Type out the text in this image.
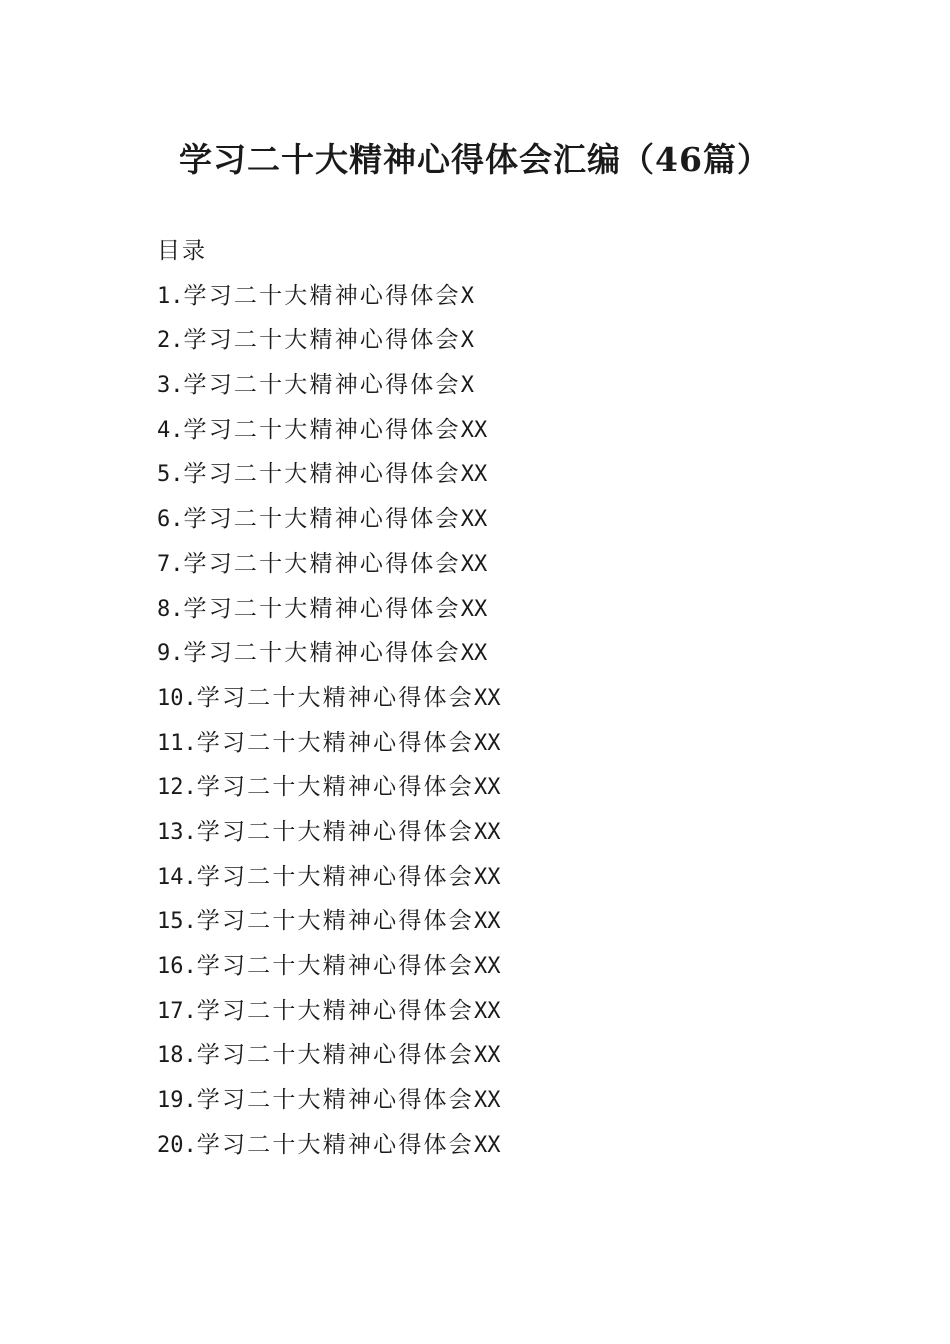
学习二十大精神心得体会汇编（46篇）

目录

1.学习二十大精神心得体会X
2.学习二十大精神心得体会X
3.学习二十大精神心得体会X
4.学习二十大精神心得体会XX
5.学习二十大精神心得体会XX
6.学习二十大精神心得体会XX
7.学习二十大精神心得体会XX
8.学习二十大精神心得体会XX
9.学习二十大精神心得体会XX
10.学习二十大精神心得体会XX
11.学习二十大精神心得体会XX
12.学习二十大精神心得体会XX
13.学习二十大精神心得体会XX
14.学习二十大精神心得体会XX
15.学习二十大精神心得体会XX
16.学习二十大精神心得体会XX
17.学习二十大精神心得体会XX
18.学习二十大精神心得体会XX
19.学习二十大精神心得体会XX
20.学习二十大精神心得体会XX
